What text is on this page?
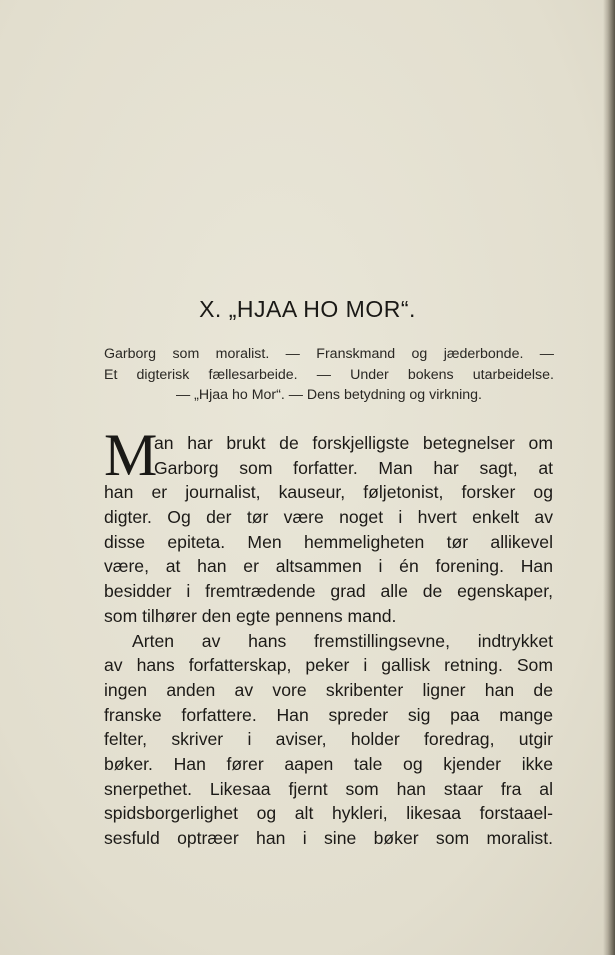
X. „HJAA HO MOR“.
Garborg som moralist. — Franskmand og jæderbonde. —
Et digterisk fællesarbeide. — Under bokens utarbeidelse.
— „Hjaa ho Mor“. — Dens betydning og virkning.
M
an har brukt de forskjelligste betegnelser om
Garborg som forfatter. Man har sagt, at
han er journalist, kauseur, føljetonist, forsker og
digter. Og der tør være noget i hvert enkelt av
disse epiteta. Men hemmeligheten tør allikevel
være, at han er altsammen i én forening. Han
besidder i fremtrædende grad alle de egenskaper,
som tilhører den egte pennens mand.
Arten av hans fremstillingsevne, indtrykket
av hans forfatterskap, peker i gallisk retning. Som
ingen anden av vore skribenter ligner han de
franske forfattere. Han spreder sig paa mange
felter, skriver i aviser, holder foredrag, utgir
bøker. Han fører aapen tale og kjender ikke
snerpethet. Likesaa fjernt som han staar fra al
spidsborgerlighet og alt hykleri, likesaa forstaael-
sesfuld optræer han i sine bøker som moralist.
